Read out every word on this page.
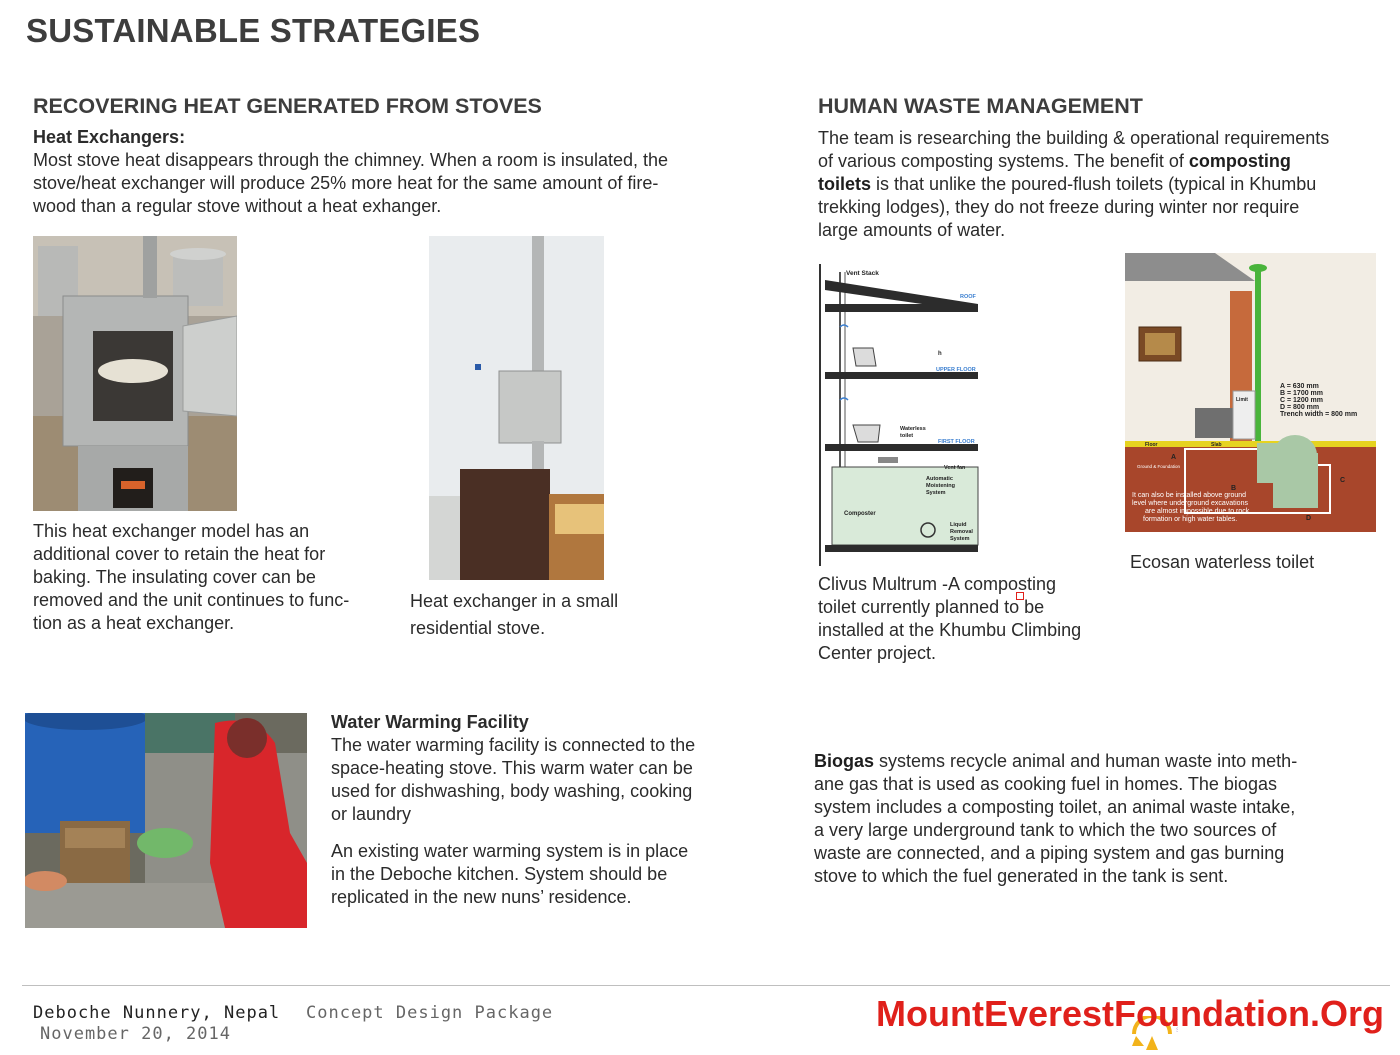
SUSTAINABLE STRATEGIES
RECOVERING HEAT GENERATED FROM STOVES
Heat Exchangers:
Most stove heat disappears through the chimney. When a room is insulated, the
stove/heat exchanger will produce 25% more heat for the same amount of fire-
wood than a regular stove without a heat exhanger.
This heat exchanger model has an
additional cover to retain the heat for
baking. The insulating cover can be
removed and the unit continues to func-
tion as a heat exchanger.
Heat exchanger in a small
residential stove.
Water Warming Facility
The water warming facility is connected to the
space-heating stove. This warm water can be
used for dishwashing, body washing, cooking
or laundry
An existing water warming system is in place
in the Deboche kitchen. System should be
replicated in the new nuns’ residence.
HUMAN WASTE MANAGEMENT
The team is researching the building & operational requirements
of various composting systems. The benefit of composting
toilets is that unlike the poured-flush toilets (typical in Khumbu
trekking lodges), they do not freeze during winter nor require
large amounts of water.
Vent Stack
ROOF
h
UPPER FLOOR
Waterless
toilet
FIRST FLOOR
Vent fan
Automatic
Moistening
System
Composter
Liquid
Removal
System
A = 630 mm
B = 1700 mm
C = 1200 mm
D = 800 mm
Trench width = 800 mm
Limit
Floor	Slab
A
Ground & Foundation
B
C
D
It can also be installed above ground
level where underground excavations
are almost impossible due to rock
formation or high water tables.
Clivus Multrum -A composting
toilet currently planned to be
installed at the Khumbu Climbing
Center project.
Ecosan waterless toilet
Biogas systems recycle animal and human waste into meth-
ane gas that is used as cooking fuel in homes. The biogas
system includes a composting toilet, an animal waste intake,
a very large underground tank to which the two sources of
waste are connected, and a piping system and gas burning
stove to which the fuel generated in the tank is sent.
Deboche Nunnery, Nepal Concept Design Package
November 20, 2014	MountEverestFoundation.Org
